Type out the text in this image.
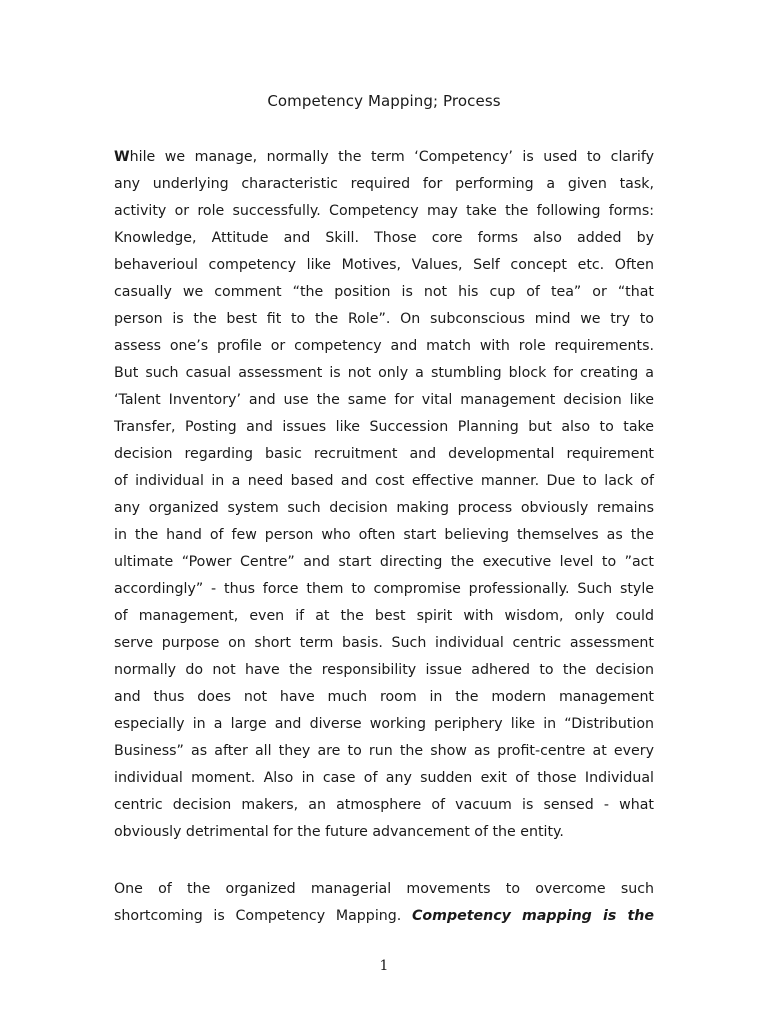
Competency Mapping; Process
While we manage, normally the term ‘Competency’ is used to clarify
any underlying characteristic required for performing a given task,
activity or role successfully. Competency may take the following forms:
Knowledge, Attitude and Skill. Those core forms also added by
behaverioul competency like Motives, Values, Self concept etc. Often
casually we comment “the position is not his cup of tea” or “that
person is the best fit to the Role”. On subconscious mind we try to
assess one’s profile or competency and match with role requirements.
But such casual assessment is not only a stumbling block for creating a
‘Talent Inventory’ and use the same for vital management decision like
Transfer, Posting and issues like Succession Planning but also to take
decision regarding basic recruitment and developmental requirement
of individual in a need based and cost effective manner. Due to lack of
any organized system such decision making process obviously remains
in the hand of few person who often start believing themselves as the
ultimate “Power Centre” and start directing the executive level to ”act
accordingly” - thus force them to compromise professionally. Such style
of management, even if at the best spirit with wisdom, only could
serve purpose on short term basis. Such individual centric assessment
normally do not have the responsibility issue adhered to the decision
and thus does not have much room in the modern management
especially in a large and diverse working periphery like in “Distribution
Business” as after all they are to run the show as profit-centre at every
individual moment. Also in case of any sudden exit of those Individual
centric decision makers, an atmosphere of vacuum is sensed - what
obviously detrimental for the future advancement of the entity.
One of the organized managerial movements to overcome such
shortcoming is Competency Mapping. Competency mapping is the
1
